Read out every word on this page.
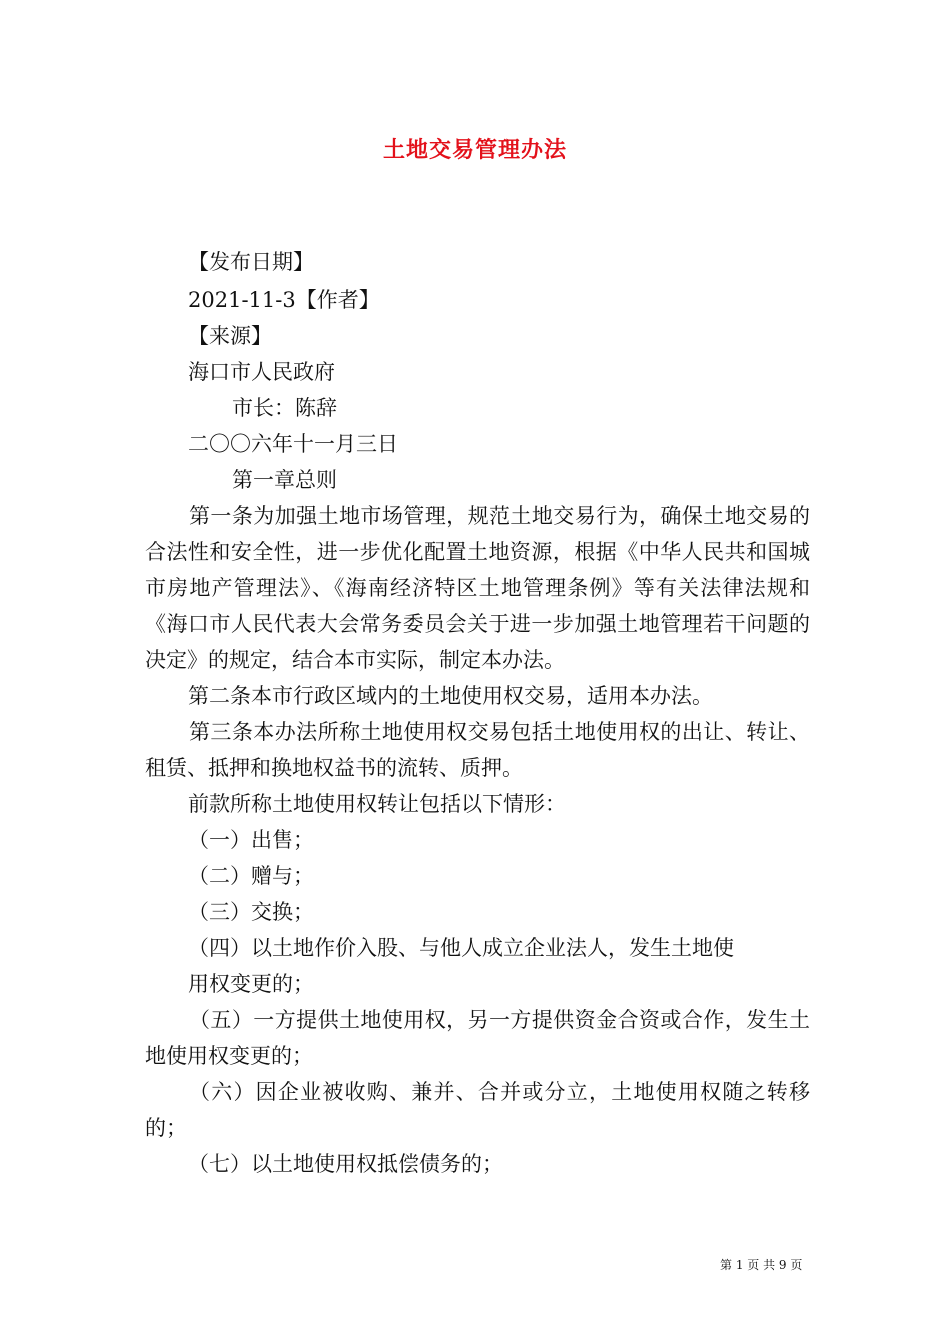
土地交易管理办法
【发布日期】
2021-11-3【作者】
【来源】
海口市人民政府
市长：陈辞
二〇〇六年十一月三日
第一章总则
第一条为加强土地市场管理，规范土地交易行为，确保土地交易的合法性和安全性，进一步优化配置土地资源，根据《中华人民共和国城市房地产管理法》、《海南经济特区土地管理条例》等有关法律法规和《海口市人民代表大会常务委员会关于进一步加强土地管理若干问题的决定》的规定，结合本市实际，制定本办法。
第二条本市行政区域内的土地使用权交易，适用本办法。
第三条本办法所称土地使用权交易包括土地使用权的出让、转让、租赁、抵押和换地权益书的流转、质押。
前款所称土地使用权转让包括以下情形：
（一）出售；
（二）赠与；
（三）交换；
（四）以土地作价入股、与他人成立企业法人，发生土地使
用权变更的；
（五）一方提供土地使用权，另一方提供资金合资或合作，发生土地使用权变更的；
（六）因企业被收购、兼并、合并或分立，土地使用权随之转移的；
（七）以土地使用权抵偿债务的；
第 1 页 共 9 页
